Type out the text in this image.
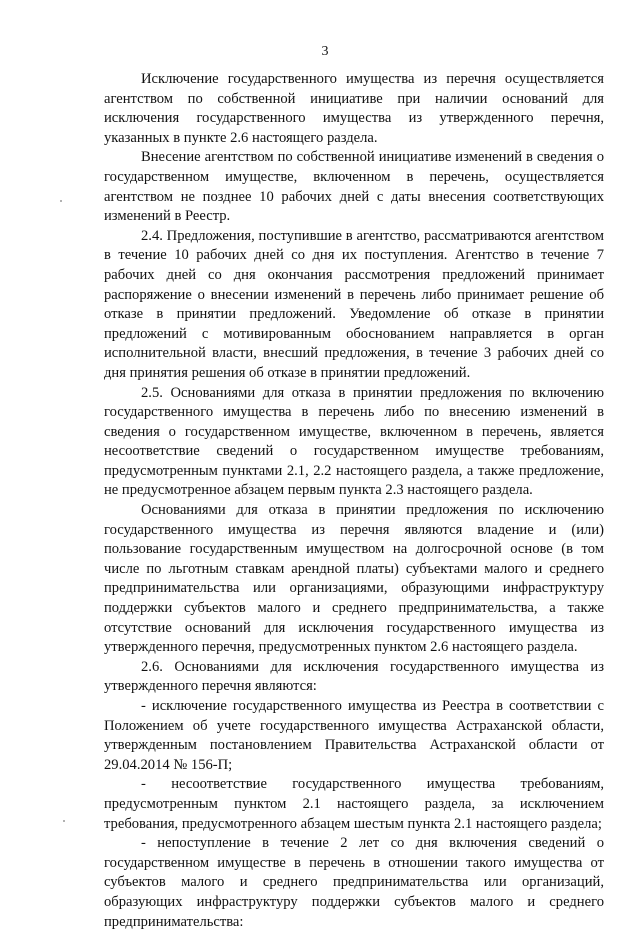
3

Исключение государственного имущества из перечня осуществляется агентством по собственной инициативе при наличии оснований для исключения государственного имущества из утвержденного перечня, указанных в пункте 2.6 настоящего раздела.

Внесение агентством по собственной инициативе изменений в сведения о государственном имуществе, включенном в перечень, осуществляется агентством не позднее 10 рабочих дней с даты внесения соответствующих изменений в Реестр.

2.4. Предложения, поступившие в агентство, рассматриваются агентством в течение 10 рабочих дней со дня их поступления. Агентство в течение 7 рабочих дней со дня окончания рассмотрения предложений принимает распоряжение о внесении изменений в перечень либо принимает решение об отказе в принятии предложений. Уведомление об отказе в принятии предложений с мотивированным обоснованием направляется в орган исполнительной власти, внесший предложения, в течение 3 рабочих дней со дня принятия решения об отказе в принятии предложений.

2.5. Основаниями для отказа в принятии предложения по включению государственного имущества в перечень либо по внесению изменений в сведения о государственном имуществе, включенном в перечень, является несоответствие сведений о государственном имуществе требованиям, предусмотренным пунктами 2.1, 2.2 настоящего раздела, а также предложение, не предусмотренное абзацем первым пункта 2.3 настоящего раздела.

Основаниями для отказа в принятии предложения по исключению государственного имущества из перечня являются владение и (или) пользование государственным имуществом на долгосрочной основе (в том числе по льготным ставкам арендной платы) субъектами малого и среднего предпринимательства или организациями, образующими инфраструктуру поддержки субъектов малого и среднего предпринимательства, а также отсутствие оснований для исключения государственного имущества из утвержденного перечня, предусмотренных пунктом 2.6 настоящего раздела.

2.6. Основаниями для исключения государственного имущества из утвержденного перечня являются:

- исключение государственного имущества из Реестра в соответствии с Положением об учете государственного имущества Астраханской области, утвержденным постановлением Правительства Астраханской области от 29.04.2014 № 156-П;

- несоответствие государственного имущества требованиям, предусмотренным пунктом 2.1 настоящего раздела, за исключением требования, предусмотренного абзацем шестым пункта 2.1 настоящего раздела;

- непоступление в течение 2 лет со дня включения сведений о государственном имуществе в перечень в отношении такого имущества от субъектов малого и среднего предпринимательства или организаций, образующих инфраструктуру поддержки субъектов малого и среднего предпринимательства:
